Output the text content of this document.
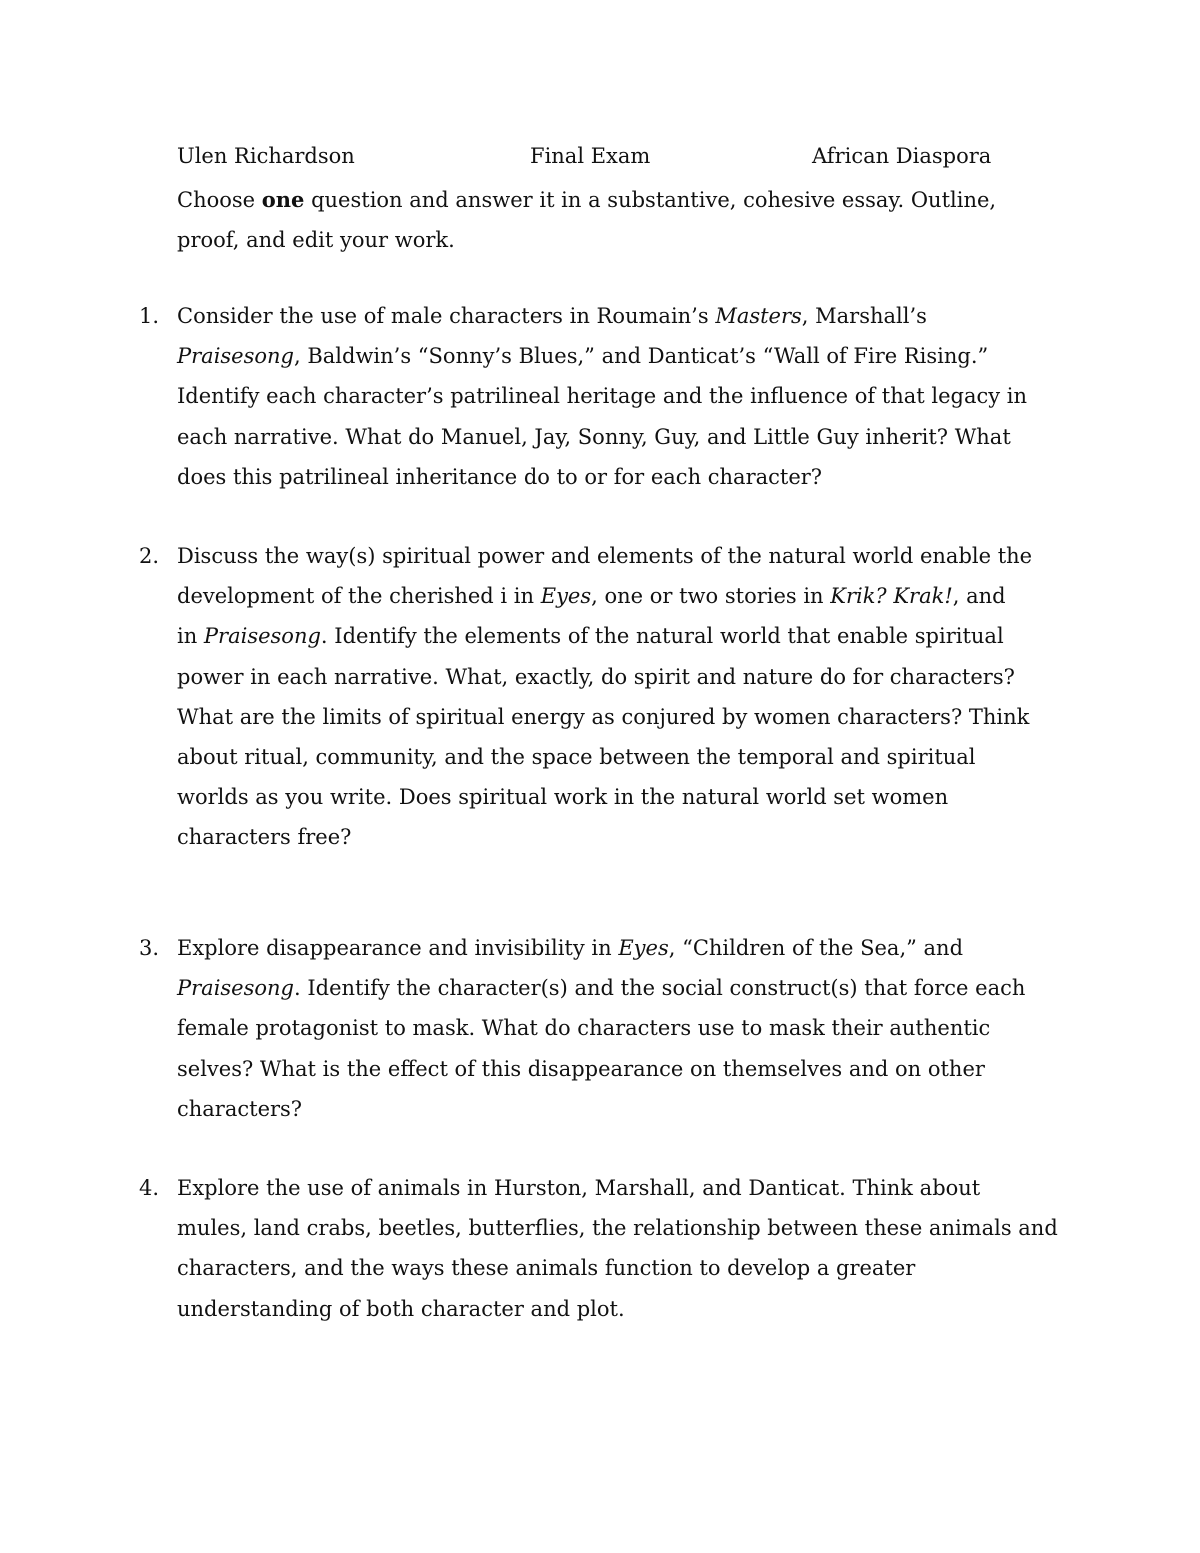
Ulen Richardson	Final Exam	African Diaspora
Choose one question and answer it in a substantive, cohesive essay. Outline,
proof, and edit your work.
1. Consider the use of male characters in Roumain’s Masters, Marshall’s
Praisesong, Baldwin’s “Sonny’s Blues,” and Danticat’s “Wall of Fire Rising.”
Identify each character’s patrilineal heritage and the influence of that legacy in
each narrative. What do Manuel, Jay, Sonny, Guy, and Little Guy inherit? What
does this patrilineal inheritance do to or for each character?
2. Discuss the way(s) spiritual power and elements of the natural world enable the
development of the cherished i in Eyes, one or two stories in Krik? Krak!, and
in Praisesong. Identify the elements of the natural world that enable spiritual
power in each narrative. What, exactly, do spirit and nature do for characters?
What are the limits of spiritual energy as conjured by women characters? Think
about ritual, community, and the space between the temporal and spiritual
worlds as you write. Does spiritual work in the natural world set women
characters free?
3. Explore disappearance and invisibility in Eyes, “Children of the Sea,” and
Praisesong. Identify the character(s) and the social construct(s) that force each
female protagonist to mask. What do characters use to mask their authentic
selves? What is the effect of this disappearance on themselves and on other
characters?
4. Explore the use of animals in Hurston, Marshall, and Danticat. Think about
mules, land crabs, beetles, butterflies, the relationship between these animals and
characters, and the ways these animals function to develop a greater
understanding of both character and plot.
